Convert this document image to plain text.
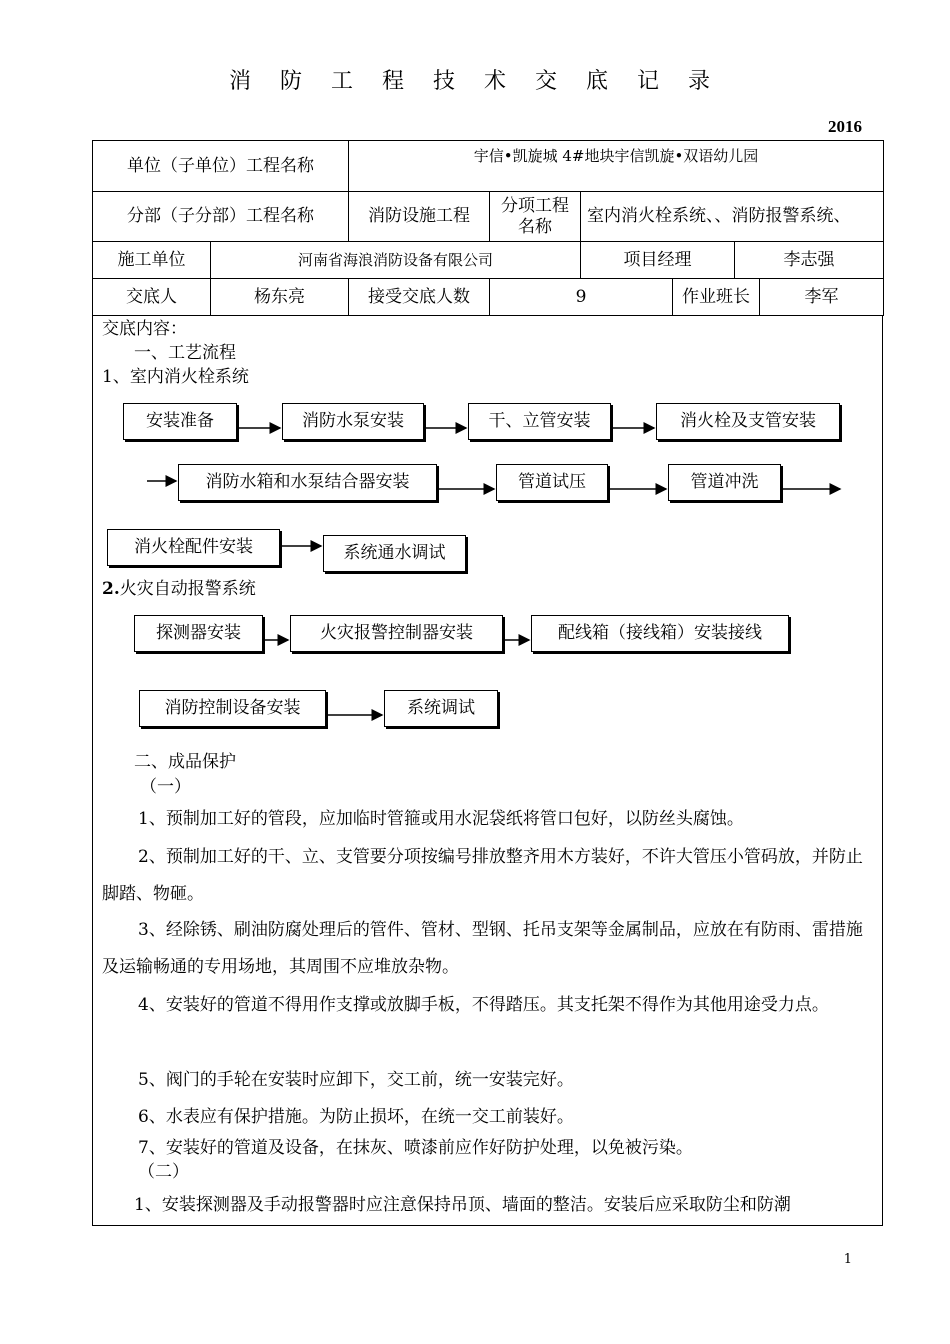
消 防 工 程 技 术 交 底 记 录
2016
单位（子单位）工程名称		宇信•凯旋城 4#地块宇信凯旋•双语幼儿园					
分部（子分部）工程名称		消防设施工程	分项工程名称	室内消火栓系统、、消防报警系统、			
施工单位	河南省海浪消防设备有限公司			项目经理		李志强	
交底人	杨东亮	接受交底人数	9		作业班长		李军
交底内容：
一、工艺流程
1、室内消火栓系统
安装准备	消防水泵安装	干、立管安装	消火栓及支管安装
消防水箱和水泵结合器安装	管道试压	管道冲洗
消火栓配件安装	系统通水调试
2.火灾自动报警系统
探测器安装	火灾报警控制器安装	配线箱（接线箱）安装接线
消防控制设备安装	系统调试
二、成品保护
（一）
1、预制加工好的管段，应加临时管箍或用水泥袋纸将管口包好，以防丝头腐蚀。
2、预制加工好的干、立、支管要分项按编号排放整齐用木方装好，不许大管压小管码放，并防止脚踏、物砸。
3、经除锈、刷油防腐处理后的管件、管材、型钢、托吊支架等金属制品，应放在有防雨、雷措施及运输畅通的专用场地，其周围不应堆放杂物。
4、安装好的管道不得用作支撑或放脚手板，不得踏压。其支托架不得作为其他用途受力点。
5、阀门的手轮在安装时应卸下，交工前，统一安装完好。
6、水表应有保护措施。为防止损坏，在统一交工前装好。
7、安装好的管道及设备，在抹灰、喷漆前应作好防护处理，以免被污染。
（二）
1、安装探测器及手动报警器时应注意保持吊顶、墙面的整洁。安装后应采取防尘和防潮
1
